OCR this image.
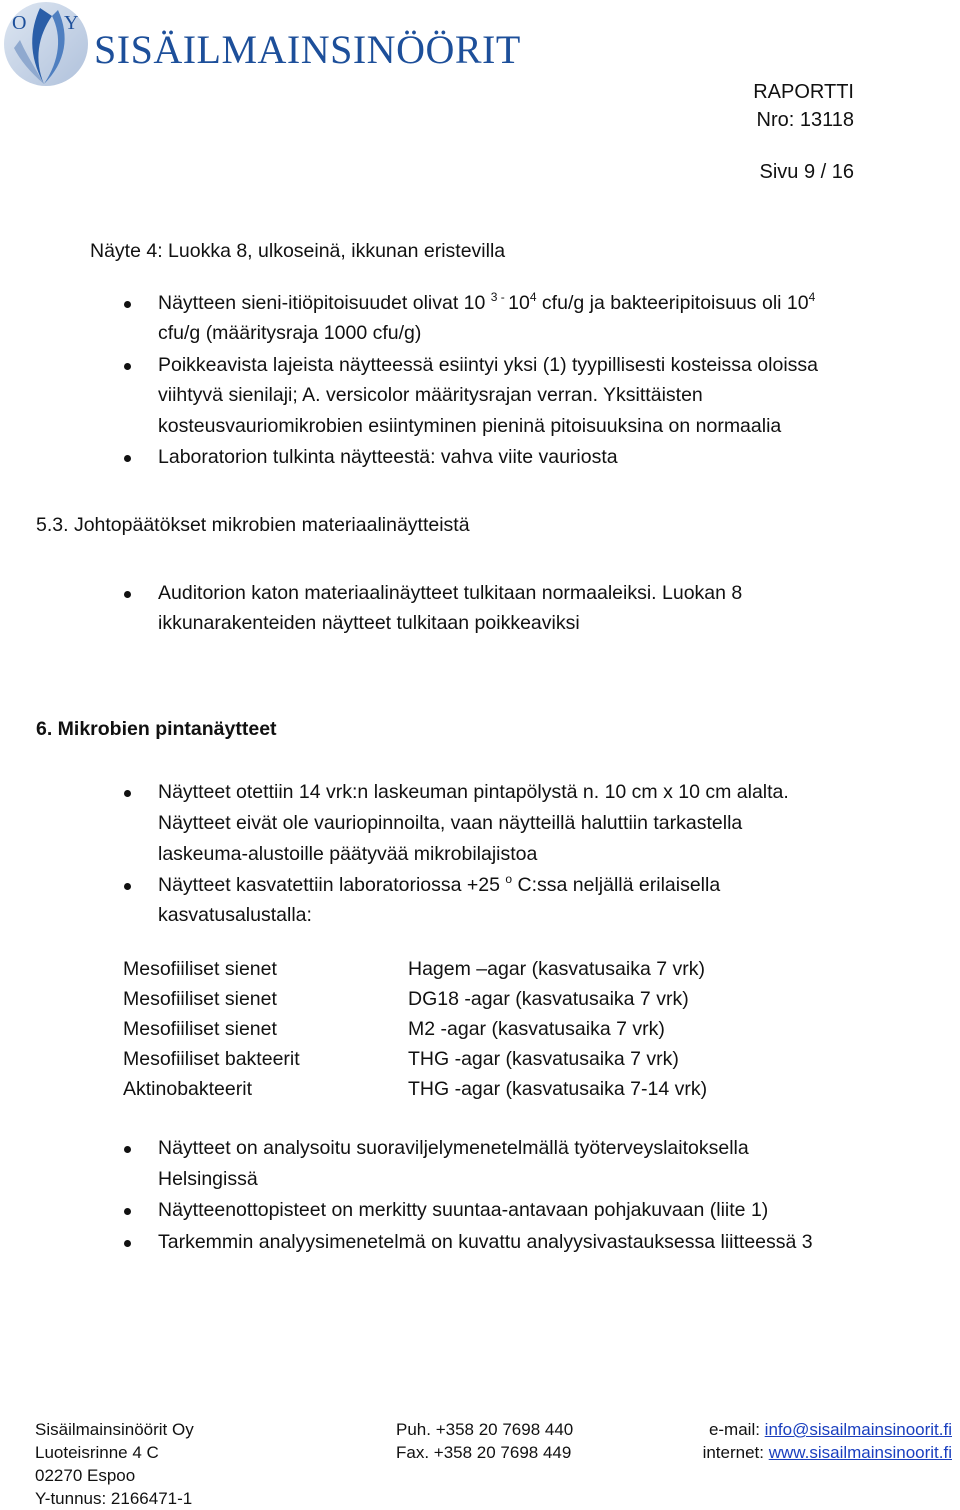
O Y
SISÄILMAINSINÖÖRIT
RAPORTTI
Nro: 13118
Sivu 9 / 16
Näyte 4: Luokka 8, ulkoseinä, ikkunan eristevilla
Näytteen sieni-itiöpitoisuudet olivat 10 $^{3 -}$ $10^4$ cfu/g ja bakteeripitoisuus oli $10^4$
cfu/g (määritysraja 1000 cfu/g)
Poikkeavista lajeista näytteessä esiintyi yksi (1) tyypillisesti kosteissa oloissa
viihtyvä sienilaji; A. versicolor määritysrajan verran. Yksittäisten
kosteusvauriomikrobien esiintyminen pieninä pitoisuuksina on normaalia
Laboratorion tulkinta näytteestä: vahva viite vauriosta
5.3. Johtopäätökset mikrobien materiaalinäytteistä
Auditorion katon materiaalinäytteet tulkitaan normaaleiksi. Luokan 8
ikkunarakenteiden näytteet tulkitaan poikkeaviksi
6. Mikrobien pintanäytteet
Näytteet otettiin 14 vrk:n laskeuman pintapölystä n. 10 cm x 10 cm alalta.
Näytteet eivät ole vauriopinnoilta, vaan näytteillä haluttiin tarkastella
laskeuma-alustoille päätyvää mikrobilajistoa
Näytteet kasvatettiin laboratoriossa +25 $^o$ C:ssa neljällä erilaisella
kasvatusalustalla:
Mesofiiliset sienet	Hagem –agar (kasvatusaika 7 vrk)
Mesofiiliset sienet	DG18 -agar (kasvatusaika 7 vrk)
Mesofiiliset sienet	M2 -agar (kasvatusaika 7 vrk)
Mesofiiliset bakteerit	THG -agar (kasvatusaika 7 vrk)
Aktinobakteerit	THG -agar (kasvatusaika 7-14 vrk)
Näytteet on analysoitu suoraviljelymenetelmällä työterveyslaitoksella
Helsingissä
Näytteenottopisteet on merkitty suuntaa-antavaan pohjakuvaan (liite 1)
Tarkemmin analyysimenetelmä on kuvattu analyysivastauksessa liitteessä 3
Sisäilmainsinöörit Oy
Luoteisrinne 4 C
02270 Espoo
Y-tunnus: 2166471-1
Puh. +358 20 7698 440
Fax. +358 20 7698 449
e-mail: info@sisailmainsinoorit.fi
internet: www.sisailmainsinoorit.fi
